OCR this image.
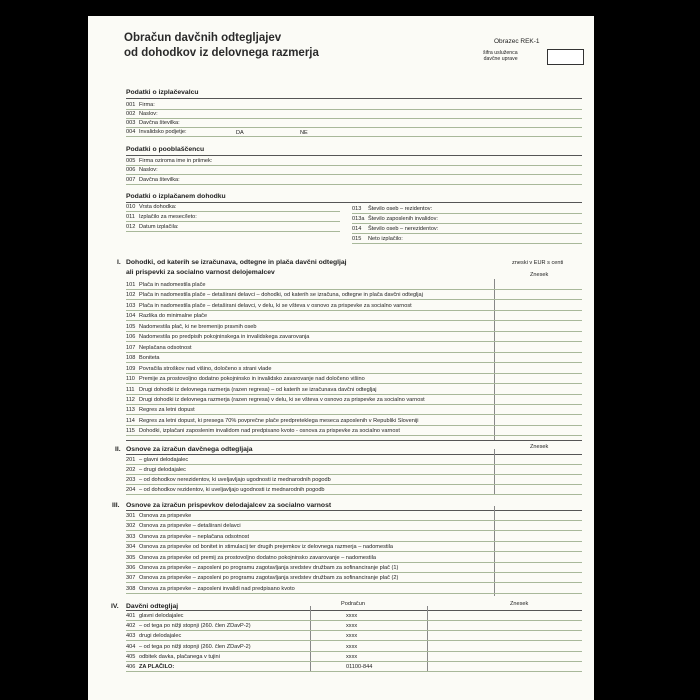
Obračun davčnih odtegljajev
od dohodkov iz delovnega razmerja
Obrazec REK-1
šifra usluženca
davčne uprave
Podatki o izplačevalcu
001 Firma:
002 Naslov:
003 Davčna številka:
004 Invalidsko podjetje:	DA	NE
Podatki o pooblaščencu
005 Firma oziroma ime in priimek:
006 Naslov:
007 Davčna številka:
Podatki o izplačanem dohodku
010 Vrsta dohodka:
011 Izplačilo za mesec/leto:
012 Datum izplačila:
013 Število oseb – rezidentov:
013a Število zaposlenih invalidov:
014 Število oseb – nerezidentov:
015 Neto izplačilo:
I. Dohodki, od katerih se izračunava, odtegne in plača davčni odtegljaj
ali prispevki za socialno varnost delojemalcev
zneski v EUR s centi
Znesek
101 Plača in nadomestila plače
102 Plača in nadomestila plače – detaširani delavci – dohodki, od katerih se izračuna, odtegne in plača davčni odtegljaj
103 Plača in nadomestila plače – detaširani delavci, v delu, ki se všteva v osnovo za prispevke za socialno varnost
104 Razlika do minimalne plače
105 Nadomestila plač, ki ne bremenijo pravnih oseb
106 Nadomestila po predpisih pokojninskega in invalidskega zavarovanja
107 Neplačana odsotnost
108 Boniteta
109 Povračila stroškov nad višino, določeno s strani vlade
110 Premije za prostovoljno dodatno pokojninsko in invalidsko zavarovanje nad določeno višino
111 Drugi dohodki iz delovnega razmerja (razen regresa) – od katerih se izračunava davčni odtegljaj
112 Drugi dohodki iz delovnega razmerja (razen regresa) v delu, ki se všteva v osnovo za prispevke za socialno varnost
113 Regres za letni dopust
114 Regres za letni dopust, ki presega 70% povprečne plače predpreteklega meseca zaposlenih v Republiki Sloveniji
115 Dohodki, izplačani zaposlenim invalidom nad predpisano kvoto - osnova za prispevke za socialno varnost
II. Osnove za izračun davčnega odtegljaja	Znesek
201 – glavni delodajalec
202 – drugi delodajalec
203 – od dohodkov nerezidentov, ki uveljavljajo ugodnosti iz mednarodnih pogodb
204 – od dohodkov rezidentov, ki uveljavljajo ugodnosti iz mednarodnih pogodb
III. Osnove za izračun prispevkov delodajalcev za socialno varnost
301 Osnova za prispevke
302 Osnova za prispevke – detaširani delavci
303 Osnova za prispevke – neplačana odsotnost
304 Osnova za prispevke od bonitet in stimulacij ter drugih prejemkov iz delovnega razmerja – nadomestila
305 Osnova za prispevke od premij za prostovoljno dodatno pokojninsko zavarovanje – nadomestila
306 Osnova za prispevke – zaposleni po programu zagotavljanja sredstev družbam za sofinanciranje plač (1)
307 Osnova za prispevke – zaposleni po programu zagotavljanja sredstev družbam za sofinanciranje plač (2)
308 Osnova za prispevke – zaposleni invalidi nad predpisano kvoto
IV. Davčni odtegljaj	Podračun	Znesek
401 glavni delodajalec	xxxx
402 – od tega po nižji stopnji (260. člen ZDavP-2)	xxxx
403 drugi delodajalec	xxxx
404 – od tega po nižji stopnji (260. člen ZDavP-2)	xxxx
405 odbitek davka, plačanega v tujini	xxxx
406 ZA PLAČILO:	01100-844
